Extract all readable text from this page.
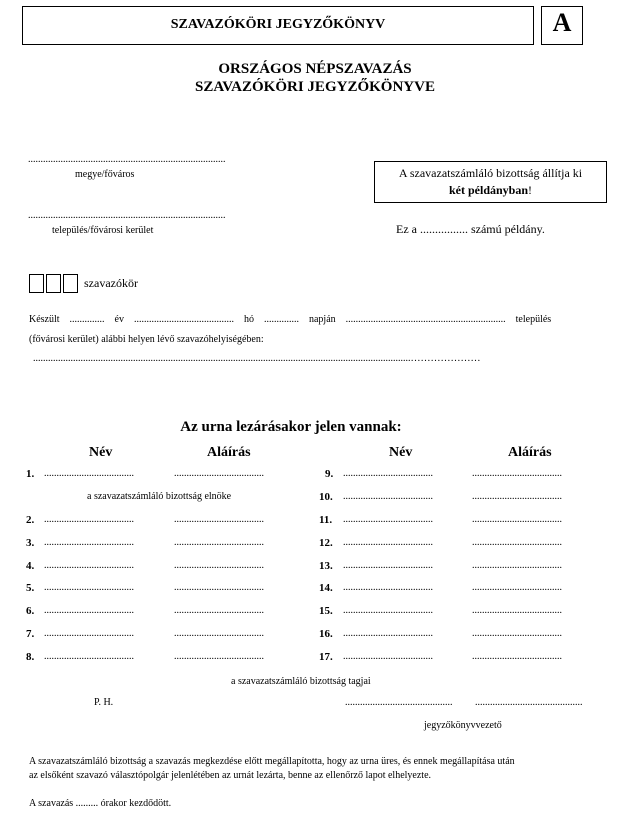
SZAVAZÓKÖRI JEGYZŐKÖNYV	A
ORSZÁGOS NÉPSZAVAZÁS
SZAVAZÓKÖRI JEGYZŐKÖNYVE
...............................................................................
megye/főváros	A szavazatszámláló bizottság állítja ki
két példányban!
...............................................................................
település/fővárosi kerület	Ez a ................ számú példány.
szavazókör
Készült    ..............    év    ........................................    hó    ..............    napján    ................................................................    település
(fővárosi kerület) alábbi helyen lévő szavazóhelyiségében:
.......................................................................................................................................................…………………
Az urna lezárásakor jelen vannak:
Név	Aláírás	Név	Aláírás
1. ....................................	....................................
a szavazatszámláló bizottság elnöke
2. ....................................	....................................
3. ....................................	....................................
4. ....................................	....................................
5. ....................................	....................................
6. ....................................	....................................
7. ....................................	....................................
8. ....................................	....................................
9. ....................................	....................................
10. ....................................	....................................
11. ....................................	....................................
12. ....................................	....................................
13. ....................................	....................................
14. ....................................	....................................
15. ....................................	....................................
16. ....................................	....................................
17. ....................................	....................................
a szavazatszámláló bizottság tagjai
P. H.	........................................... ...........................................
jegyzőkönyvvezető
A szavazatszámláló bizottság a szavazás megkezdése előtt megállapította, hogy az urna üres, és ennek megállapítása után
az elsőként szavazó választópolgár jelenlétében az urnát lezárta, benne az ellenőrző lapot elhelyezte.
A szavazás ......... órakor kezdődött.
